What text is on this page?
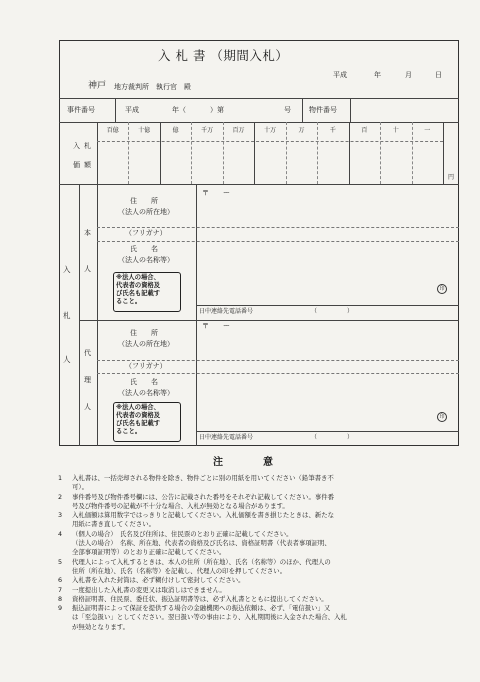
入 札 書 （期間入札）
平成	年	月	日
神戸 地方裁判所　執行官　殿
事件番号	平成	年（	）第	号	物件番号
入 札
価 額
百億	十億	億	千万	百万	十万	万	千	百	十	一
円
入
札
人
本
人
代
理
人
住　　所
（法人の所在地）
〒　　ー
（フリガナ）
氏　　名
（法人の名称等）
※法人の場合、
代表者の資格及
び氏名も記載す
ること。
印
日中連絡先電話番号	（　　　　　）
住　　所
（法人の所在地）
〒　　ー
（フリガナ）
氏　　名
（法人の名称等）
※法人の場合、
代表者の資格及
び氏名も記載す
ること。
印
日中連絡先電話番号	（　　　　　）
注　　　　意
1 入札書は、一括売却される物件を除き、物件ごとに別の用紙を用いてください（鉛筆書き不
可）。
2 事件番号及び物件番号欄には、公告に記載された番号をそれぞれ記載してください。事件番
号及び物件番号の記載が不十分な場合、入札が無効となる場合があります。
3 入札価額は算用数字ではっきりと記載してください。入札価額を書き損じたときは、新たな
用紙に書き直してください。
4 （個人の場合）　氏名及び住所は、住民票のとおり正確に記載してください。
（法人の場合）　名称、所在地、代表者の資格及び氏名は、資格証明書（代表者事項証明、
全部事項証明等）のとおり正確に記載してください。
5 代理人によって入札するときは、本人の住所（所在地）、氏名（名称等）のほか、代理人の
住所（所在地）、氏名（名称等）を記載し、代理人の印を押してください。
6 入札書を入れた封筒は、必ず糊付けして密封してください。
7 一度提出した入札書の変更又は取消しはできません。
8 資格証明書、住民票、委任状、振込証明書等は、必ず入札書とともに提出してください。
9 振込証明書によって保証を提供する場合の金融機関への振込依頼は、必ず、「電信扱い」又
は「至急扱い」としてください。翌日扱い等の事由により、入札期間後に入金された場合、入札
が無効となります。
